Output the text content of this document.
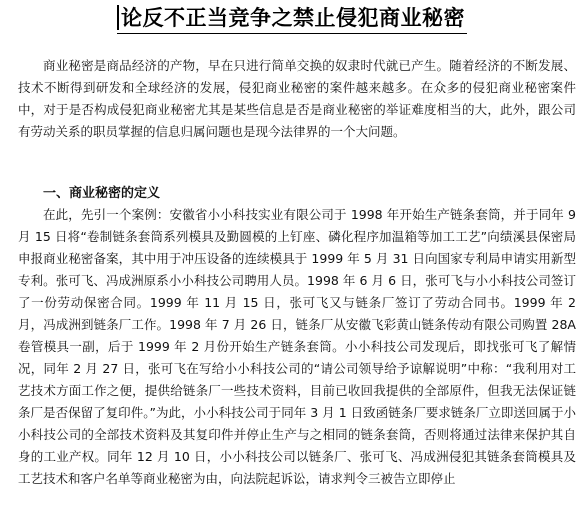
论反不正当竞争之禁止侵犯商业秘密

商业秘密是商品经济的产物，早在只进行简单交换的奴隶时代就已产生。随着经济的不断发展、技术不断得到研发和全球经济的发展，侵犯商业秘密的案件越来越多。在众多的侵犯商业秘密案件中，对于是否构成侵犯商业秘密尤其是某些信息是否是商业秘密的举证难度相当的大，此外，跟公司有劳动关系的职员掌握的信息归属问题也是现今法律界的一个大问题。

一、商业秘密的定义

在此，先引一个案例：安徽省小小科技实业有限公司于 1998 年开始生产链条套筒，并于同年 9 月 15 日将“卷制链条套筒系列模具及勤圆模的上钉座、磷化程序加温箱等加工工艺”向绩溪县保密局申报商业秘密备案，其中用于冲压设备的连续模具于 1999 年 5 月 31 日向国家专利局申请实用新型专利。张可飞、冯成洲原系小小科技公司聘用人员。1998 年 6 月 6 日，张可飞与小小科技公司签订了一份劳动保密合同。1999 年 11 月 15 日，张可飞又与链条厂签订了劳动合同书。1999 年 2 月，冯成洲到链条厂工作。1998 年 7 月 26 日，链条厂从安徽飞彩黄山链条传动有限公司购置 28A 卷管模具一副，后于 1999 年 2 月份开始生产链条套筒。小小科技公司发现后，即找张可飞了解情况，同年 2 月 27 日，张可飞在写给小小科技公司的“请公司领导给予谅解说明”中称：“我利用对工艺技术方面工作之便，提供给链条厂一些技术资料，目前已收回我提供的全部原件，但我无法保证链条厂是否保留了复印件。”为此，小小科技公司于同年 3 月 1 日致函链条厂要求链条厂立即送回属于小小科技公司的全部技术资料及其复印件并停止生产与之相同的链条套筒，否则将通过法律来保护其自身的工业产权。同年 12 月 10 日，小小科技公司以链条厂、张可飞、冯成洲侵犯其链条套筒模具及工艺技术和客户名单等商业秘密为由，向法院起诉讼，请求判令三被告立即停止
